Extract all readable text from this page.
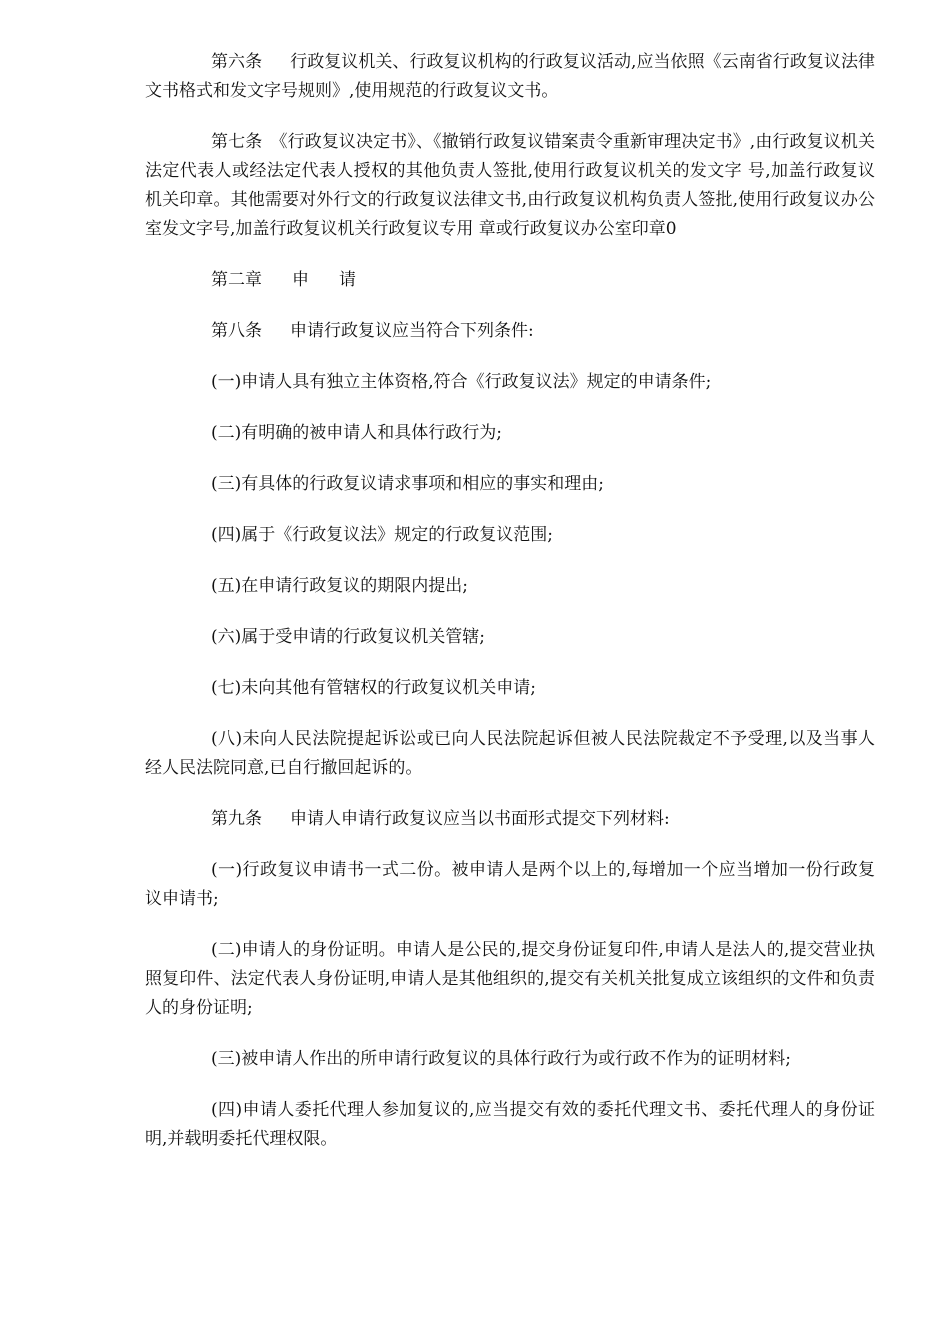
第六条 行政复议机关、行政复议机构的行政复议活动,应当依照《云南省行政复议法律文书格式和发文字号规则》,使用规范的行政复议文书。

第七条 《行政复议决定书》、《撤销行政复议错案责令重新审理决定书》,由行政复议机关法定代表人或经法定代表人授权的其他负责人签批,使用行政复议机关的发文字 号,加盖行政复议机关印章。其他需要对外行文的行政复议法律文书,由行政复议机构负责人签批,使用行政复议办公室发文字号,加盖行政复议机关行政复议专用 章或行政复议办公室印章0

第二章 申 请

第八条 申请行政复议应当符合下列条件:

(一)申请人具有独立主体资格,符合《行政复议法》规定的申请条件;

(二)有明确的被申请人和具体行政行为;

(三)有具体的行政复议请求事项和相应的事实和理由;

(四)属于《行政复议法》规定的行政复议范围;

(五)在申请行政复议的期限内提出;

(六)属于受申请的行政复议机关管辖;

(七)未向其他有管辖权的行政复议机关申请;

(八)未向人民法院提起诉讼或已向人民法院起诉但被人民法院裁定不予受理,以及当事人经人民法院同意,已自行撤回起诉的。

第九条 申请人申请行政复议应当以书面形式提交下列材料:

(一)行政复议申请书一式二份。被申请人是两个以上的,每增加一个应当增加一份行政复议申请书;

(二)申请人的身份证明。申请人是公民的,提交身份证复印件,申请人是法人的,提交营业执照复印件、法定代表人身份证明,申请人是其他组织的,提交有关机关批复成立该组织的文件和负责人的身份证明;

(三)被申请人作出的所申请行政复议的具体行政行为或行政不作为的证明材料;

(四)申请人委托代理人参加复议的,应当提交有效的委托代理文书、委托代理人的身份证明,并载明委托代理权限。
